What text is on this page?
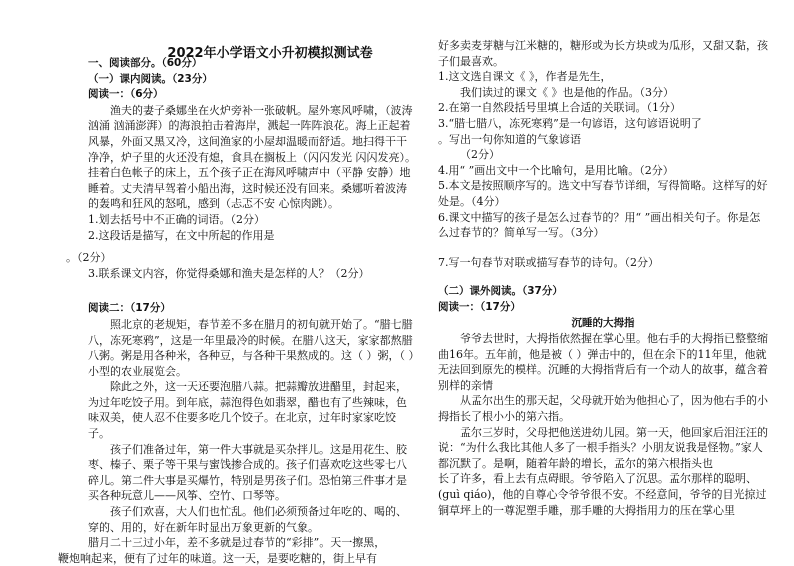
2022年小学语文小升初模拟测试卷
一、阅读部分。（60分）
（一）课内阅读。（23分）
阅读一：（6分）

渔夫的妻子桑娜坐在火炉旁补一张破帆。屋外寒风呼啸，（波涛汹涌 汹涌澎湃）的海浪拍击着海岸，溅起一阵阵浪花。海上正起着风暴，外面又黑又冷，这间渔家的小屋却温暖而舒适。地扫得干干净净，炉子里的火还没有熄，食具在搁板上（闪闪发光 闪闪发亮）。挂着白色帐子的床上，五个孩子正在海风呼啸声中（平静 安静）地睡着。丈夫清早驾着小船出海，这时候还没有回来。桑娜听着波涛的轰鸣和狂风的怒吼，感到（忐忑不安 心惊肉跳）。

1.划去括号中不正确的词语。（2分）

2.这段话是描写，在文中所起的作用是

。（2分）

3.联系课文内容，你觉得桑娜和渔夫是怎样的人？（2分）

阅读二：（17分）

照北京的老规矩，春节差不多在腊月的初旬就开始了。“腊七腊八，冻死寒鸦”，这是一年里最冷的时候。在腊八这天，家家都熬腊八粥。粥是用各种米，各种豆，与各种干果熬成的。这（ ）粥，（ ）小型的农业展览会。

除此之外，这一天还要泡腊八蒜。把蒜瓣放进醋里，封起来，为过年吃饺子用。到年底，蒜泡得色如翡翠，醋也有了些辣味，色味双美，使人忍不住要多吃几个饺子。在北京，过年时家家吃饺子。

孩子们准备过年，第一件大事就是买杂拌儿。这是用花生、胶枣、榛子、栗子等干果与蜜饯掺合成的。孩子们喜欢吃这些零七八碎儿。第二件大事是买爆竹，特别是男孩子们。恐怕第三件事才是买各种玩意儿——风筝、空竹、口琴等。

孩子们欢喜，大人们也忙乱。他们必须预备过年吃的、喝的、穿的、用的，好在新年时显出万象更新的气象。

腊月二十三过小年，差不多就是过春节的“彩排”。天一擦黑，

鞭炮响起来，便有了过年的味道。这一天，是要吃糖的，街上早有

好多卖麦芽糖与江米糖的，糖形或为长方块或为瓜形，又甜又黏，孩子们最喜欢。

1.这文选自课文《 》，作者是先生，

我们读过的课文《 》也是他的作品。（3分）

2.在第一自然段括号里填上合适的关联词。（1分）

3.“腊七腊八，冻死寒鸦”是一句谚语，这句谚语说明了

。写出一句你知道的气象谚语

（2分）

4.用“ ”画出文中一个比喻句，是用比喻。（2分）

5.本文是按照顺序写的。选文中写春节详细，写得简略。这样写的好处是。（4分）

6.课文中描写的孩子是怎么过春节的？用“ ”画出相关句子。你是怎么过春节的？简单写一写。（3分）

7.写一句春节对联或描写春节的诗句。（2分）

（二）课外阅读。（37分）
阅读一：（17分）
沉睡的大拇指

爷爷去世时，大拇指依然握在掌心里。他右手的大拇指已整整缩曲16年。五年前，他是被（ ）弹击中的，但在余下的11年里，他就无法回到原先的模样。沉睡的大拇指背后有一个动人的故事，蕴含着别样的亲情

从孟尔出生的那天起，父母就开始为他担心了，因为他右手的小拇指长了根小小的第六指。

孟尔三岁时，父母把他送进幼儿园。第一天，他回家后泪汪汪的说：“为什么我比其他人多了一根手指头？小朋友说我是怪物。”家人都沉默了。是啊，随着年龄的增长，孟尔的第六根指头也

长了许多，看上去有点碍眼。爷爷陷入了沉思。孟尔那样的聪明、(guì qiáo)，他的自尊心令爷爷很不安。不经意间，爷爷的目光掠过铜草坪上的一尊泥塑手雕，那手雕的大拇指用力的压在掌心里
